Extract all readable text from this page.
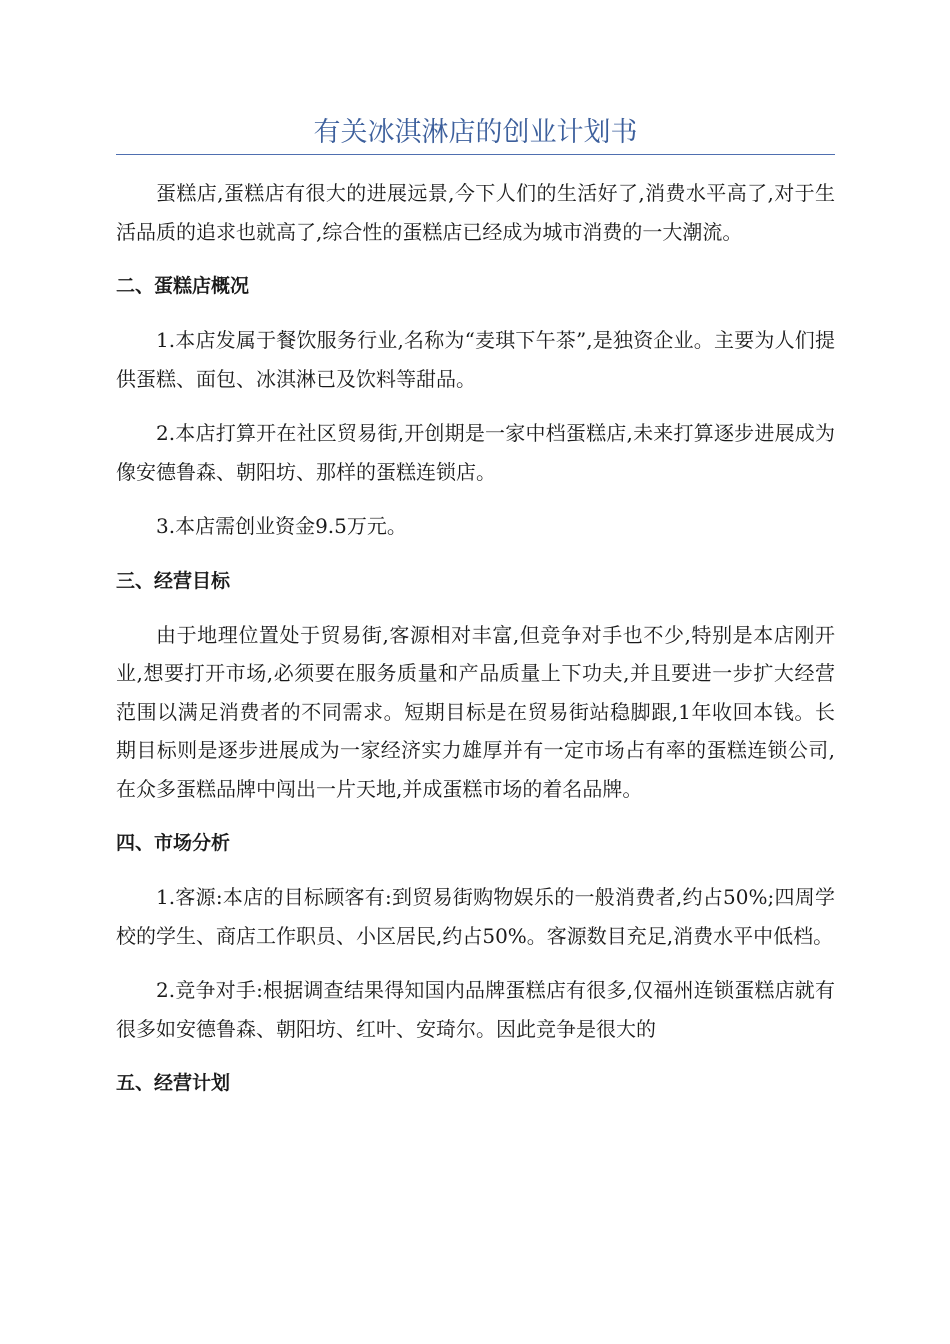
有关冰淇淋店的创业计划书

蛋糕店,蛋糕店有很大的进展远景,今下人们的生活好了,消费水平高了,对于生活品质的追求也就高了,综合性的蛋糕店已经成为城市消费的一大潮流。

二、蛋糕店概况

1.本店发属于餐饮服务行业,名称为“麦琪下午茶”,是独资企业。主要为人们提供蛋糕、面包、冰淇淋已及饮料等甜品。

2.本店打算开在社区贸易街,开创期是一家中档蛋糕店,未来打算逐步进展成为像安德鲁森、朝阳坊、那样的蛋糕连锁店。

3.本店需创业资金9.5万元。

三、经营目标

由于地理位置处于贸易街,客源相对丰富,但竞争对手也不少,特别是本店刚开业,想要打开市场,必须要在服务质量和产品质量上下功夫,并且要进一步扩大经营范围以满足消费者的不同需求。短期目标是在贸易街站稳脚跟,1年收回本钱。长期目标则是逐步进展成为一家经济实力雄厚并有一定市场占有率的蛋糕连锁公司,在众多蛋糕品牌中闯出一片天地,并成蛋糕市场的着名品牌。

四、市场分析

1.客源:本店的目标顾客有:到贸易街购物娱乐的一般消费者,约占50%;四周学校的学生、商店工作职员、小区居民,约占50%。客源数目充足,消费水平中低档。

2.竞争对手:根据调查结果得知国内品牌蛋糕店有很多,仅福州连锁蛋糕店就有很多如安德鲁森、朝阳坊、红叶、安琦尔。因此竞争是很大的

五、经营计划
